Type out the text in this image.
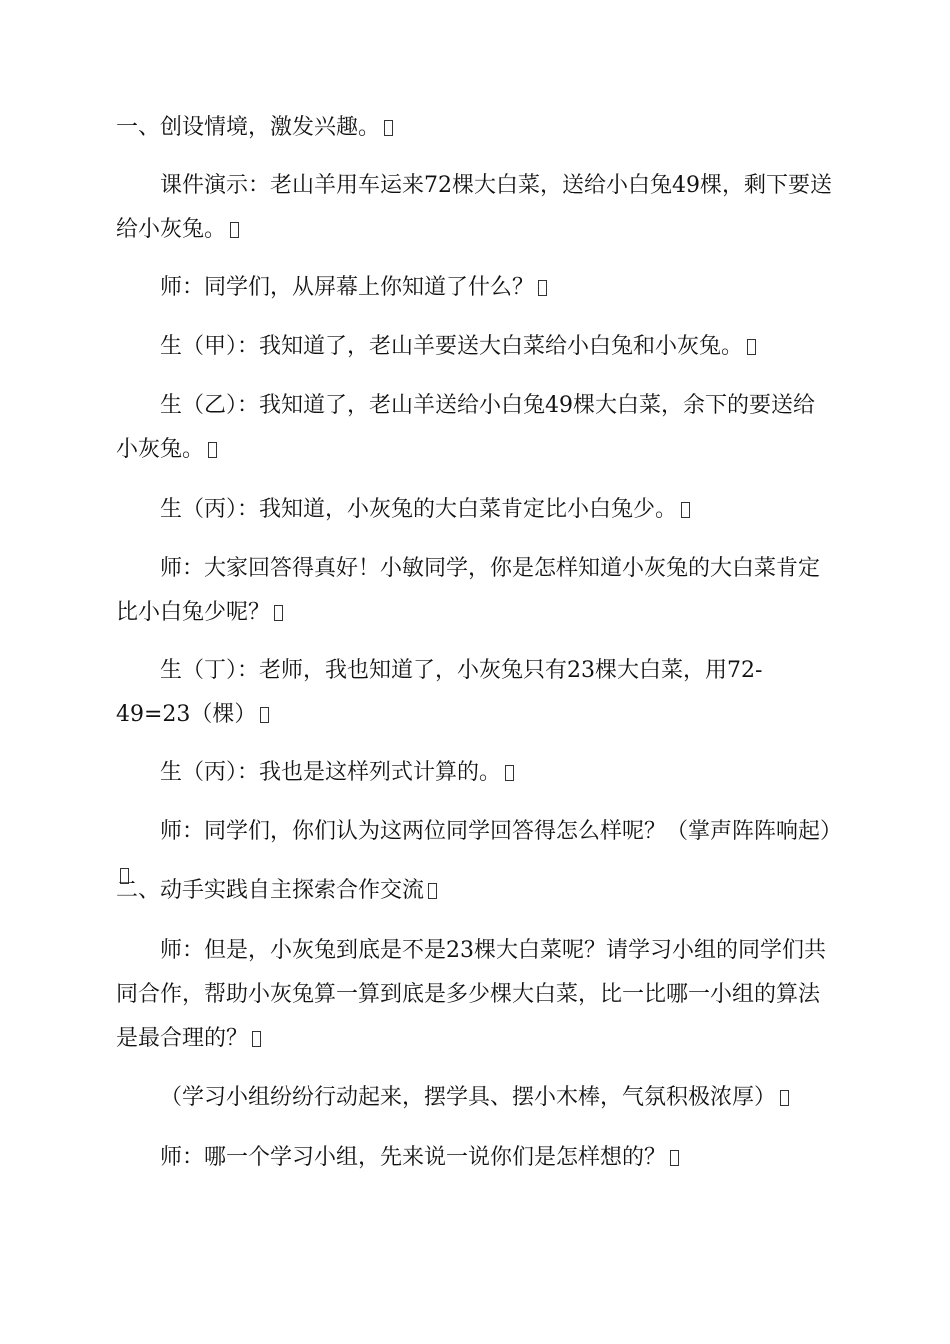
一、创设情境，激发兴趣。

课件演示：老山羊用车运来72棵大白菜，送给小白兔49棵，剩下要送给小灰兔。

师：同学们，从屏幕上你知道了什么？

生（甲）：我知道了，老山羊要送大白菜给小白兔和小灰兔。

生（乙）：我知道了，老山羊送给小白兔49棵大白菜，余下的要送给小灰兔。

生（丙）：我知道，小灰兔的大白菜肯定比小白兔少。

师：大家回答得真好！小敏同学，你是怎样知道小灰兔的大白菜肯定比小白兔少呢？

生（丁）：老师，我也知道了，小灰兔只有23棵大白菜，用72-49=23（棵）

生（丙）：我也是这样列式计算的。

师：同学们，你们认为这两位同学回答得怎么样呢？（掌声阵阵响起）

二、动手实践自主探索合作交流

师：但是，小灰兔到底是不是23棵大白菜呢？请学习小组的同学们共同合作，帮助小灰兔算一算到底是多少棵大白菜，比一比哪一小组的算法是最合理的？

（学习小组纷纷行动起来，摆学具、摆小木棒，气氛积极浓厚）

师：哪一个学习小组，先来说一说你们是怎样想的？
